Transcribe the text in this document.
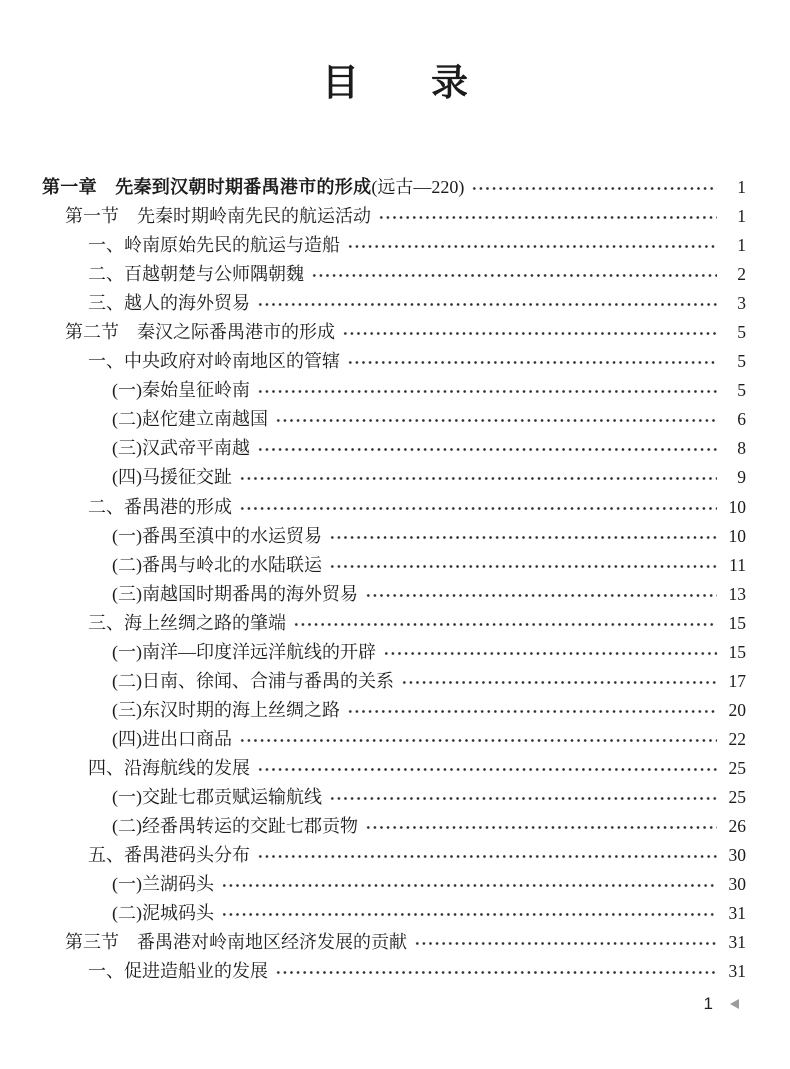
目 录
第一章　先秦到汉朝时期番禺港市的形成 (远古—220)	1
第一节　先秦时期岭南先民的航运活动	1
一、岭南原始先民的航运与造船	1
二、百越朝楚与公师隅朝魏	2
三、越人的海外贸易	3
第二节　秦汉之际番禺港市的形成	5
一、中央政府对岭南地区的管辖	5
(一)秦始皇征岭南	5
(二)赵佗建立南越国	6
(三)汉武帝平南越	8
(四)马援征交趾	9
二、番禺港的形成	10
(一)番禺至滇中的水运贸易	10
(二)番禺与岭北的水陆联运	11
(三)南越国时期番禺的海外贸易	13
三、海上丝绸之路的肇端	15
(一)南洋—印度洋远洋航线的开辟	15
(二)日南、徐闻、合浦与番禺的关系	17
(三)东汉时期的海上丝绸之路	20
(四)进出口商品	22
四、沿海航线的发展	25
(一)交趾七郡贡赋运输航线	25
(二)经番禺转运的交趾七郡贡物	26
五、番禺港码头分布	30
(一)兰湖码头	30
(二)泥城码头	31
第三节　番禺港对岭南地区经济发展的贡献	31
一、促进造船业的发展	31
1
